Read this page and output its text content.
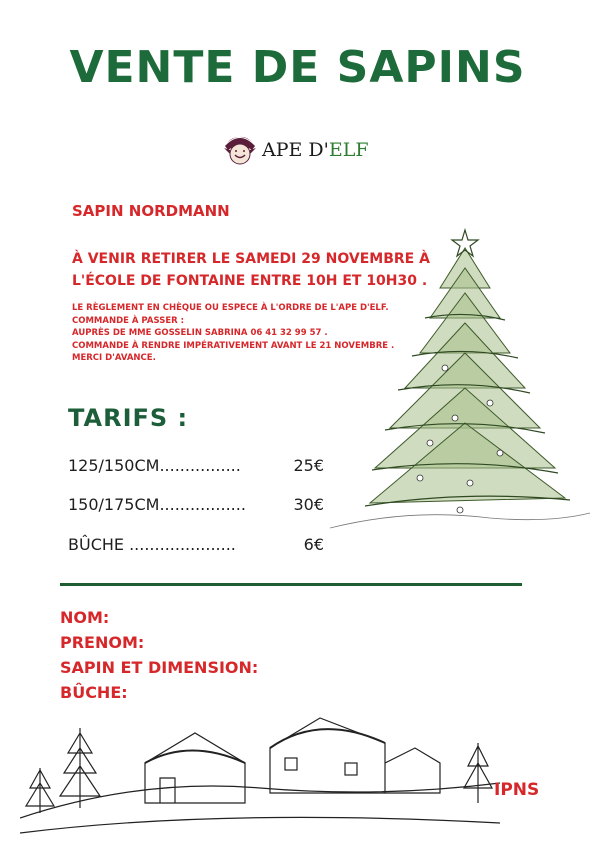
VENTE DE SAPINS
APE D'ELF
SAPIN NORDMANN
À VENIR RETIRER LE SAMEDI 29 NOVEMBRE À
L'ÉCOLE DE FONTAINE ENTRE 10H ET 10H30 .
LE RÈGLEMENT EN CHÈQUE OU ESPECE À L'ORDRE DE L'APE D'ELF.
COMMANDE À PASSER :
AUPRÈS DE MME GOSSELIN SABRINA 06 41 32 99 57 .
COMMANDE À RENDRE IMPÉRATIVEMENT AVANT LE 21 NOVEMBRE .
MERCI D'AVANCE.
TARIFS :
125/150CM................	25€
150/175CM.................	30€
BÛCHE .....................	6€
NOM:
PRENOM:
SAPIN ET DIMENSION:
BÛCHE:
IPNS
